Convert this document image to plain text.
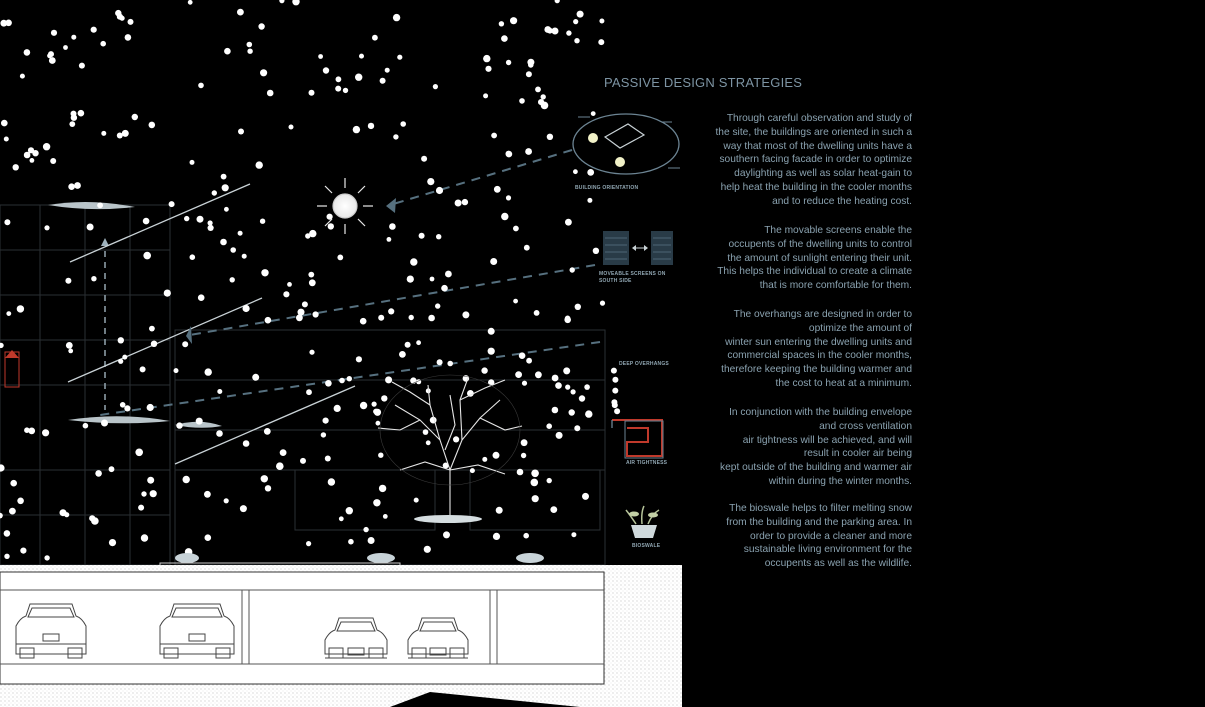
PASSIVE DESIGN STRATEGIES
Through careful observation and study of
the site, the buildings are oriented in such a
way that most of the dwelling units have a
southern facing facade in order to optimize
daylighting as well as solar heat-gain to
help heat the building in the cooler months
and to reduce the heating cost.
The movable screens enable the
occupents of the dwelling units to control
the amount of sunlight entering their unit.
This helps the individual to create a climate
that is more comfortable for them.
The overhangs are designed in order to
optimize the amount of
winter sun entering the dwelling units and
commercial spaces in the cooler months,
therefore keeping the building warmer and
the cost to heat at a minimum.
In conjunction with the building envelope
and cross ventilation
air tightness will be achieved, and will
result in cooler air being
kept outside of the building and warmer air
within during the winter months.
The bioswale helps to filter melting snow
from the building and the parking area. In
order to provide a cleaner and more
sustainable living environment for the
occupents as well as the wildlife.
BUILDING ORIENTATION
MOVEABLE SCREENS ON
SOUTH SIDE
DEEP OVERHANGS
AIR TIGHTNESS
BIOSWALE
